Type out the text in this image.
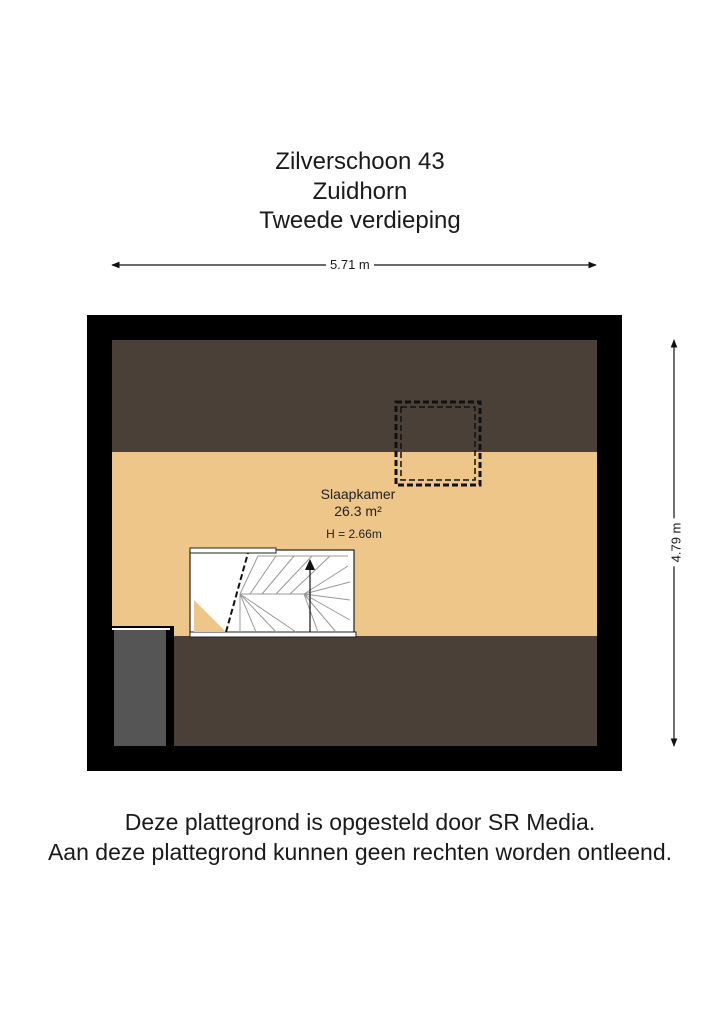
Zilverschoon 43
Zuidhorn
Tweede verdieping
5.71 m
4.79 m
Slaapkamer
26.3 m²
H = 2.66m
Deze plattegrond is opgesteld door SR Media.
Aan deze plattegrond kunnen geen rechten worden ontleend.
